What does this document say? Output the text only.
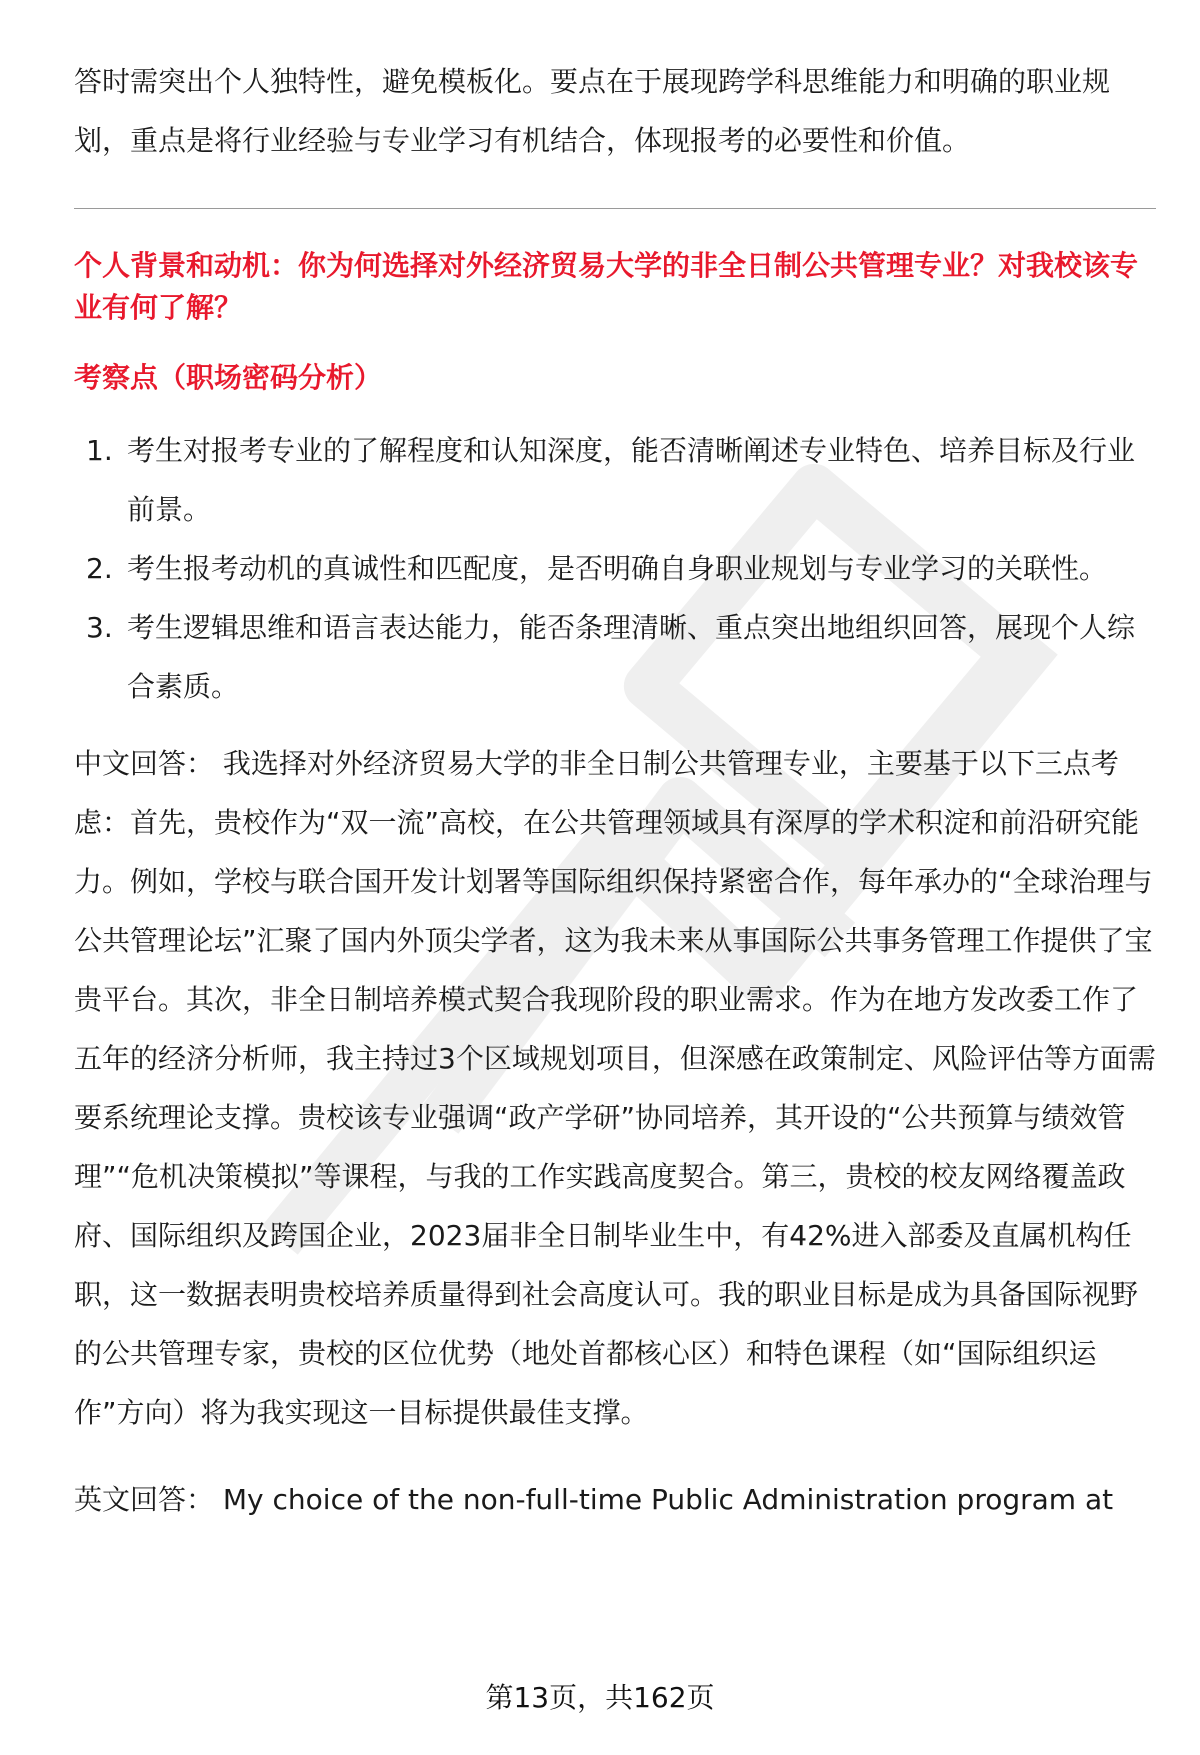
答时需突出个人独特性，避免模板化。要点在于展现跨学科思维能力和明确的职业规划，重点是将行业经验与专业学习有机结合，体现报考的必要性和价值。

个人背景和动机：你为何选择对外经济贸易大学的非全日制公共管理专业？对我校该专业有何了解？

考察点（职场密码分析）

1. 考生对报考专业的了解程度和认知深度，能否清晰阐述专业特色、培养目标及行业前景。
2. 考生报考动机的真诚性和匹配度，是否明确自身职业规划与专业学习的关联性。
3. 考生逻辑思维和语言表达能力，能否条理清晰、重点突出地组织回答，展现个人综合素质。

中文回答： 我选择对外经济贸易大学的非全日制公共管理专业，主要基于以下三点考虑：首先，贵校作为“双一流”高校，在公共管理领域具有深厚的学术积淀和前沿研究能力。例如，学校与联合国开发计划署等国际组织保持紧密合作，每年承办的“全球治理与公共管理论坛”汇聚了国内外顶尖学者，这为我未来从事国际公共事务管理工作提供了宝贵平台。其次，非全日制培养模式契合我现阶段的职业需求。作为在地方发改委工作了五年的经济分析师，我主持过3个区域规划项目，但深感在政策制定、风险评估等方面需要系统理论支撑。贵校该专业强调“政产学研”协同培养，其开设的“公共预算与绩效管理”“危机决策模拟”等课程，与我的工作实践高度契合。第三，贵校的校友网络覆盖政府、国际组织及跨国企业，2023届非全日制毕业生中，有42%进入部委及直属机构任职，这一数据表明贵校培养质量得到社会高度认可。我的职业目标是成为具备国际视野的公共管理专家，贵校的区位优势（地处首都核心区）和特色课程（如“国际组织运作”方向）将为我实现这一目标提供最佳支撑。

英文回答： My choice of the non-full-time Public Administration program at

第13页，共162页
